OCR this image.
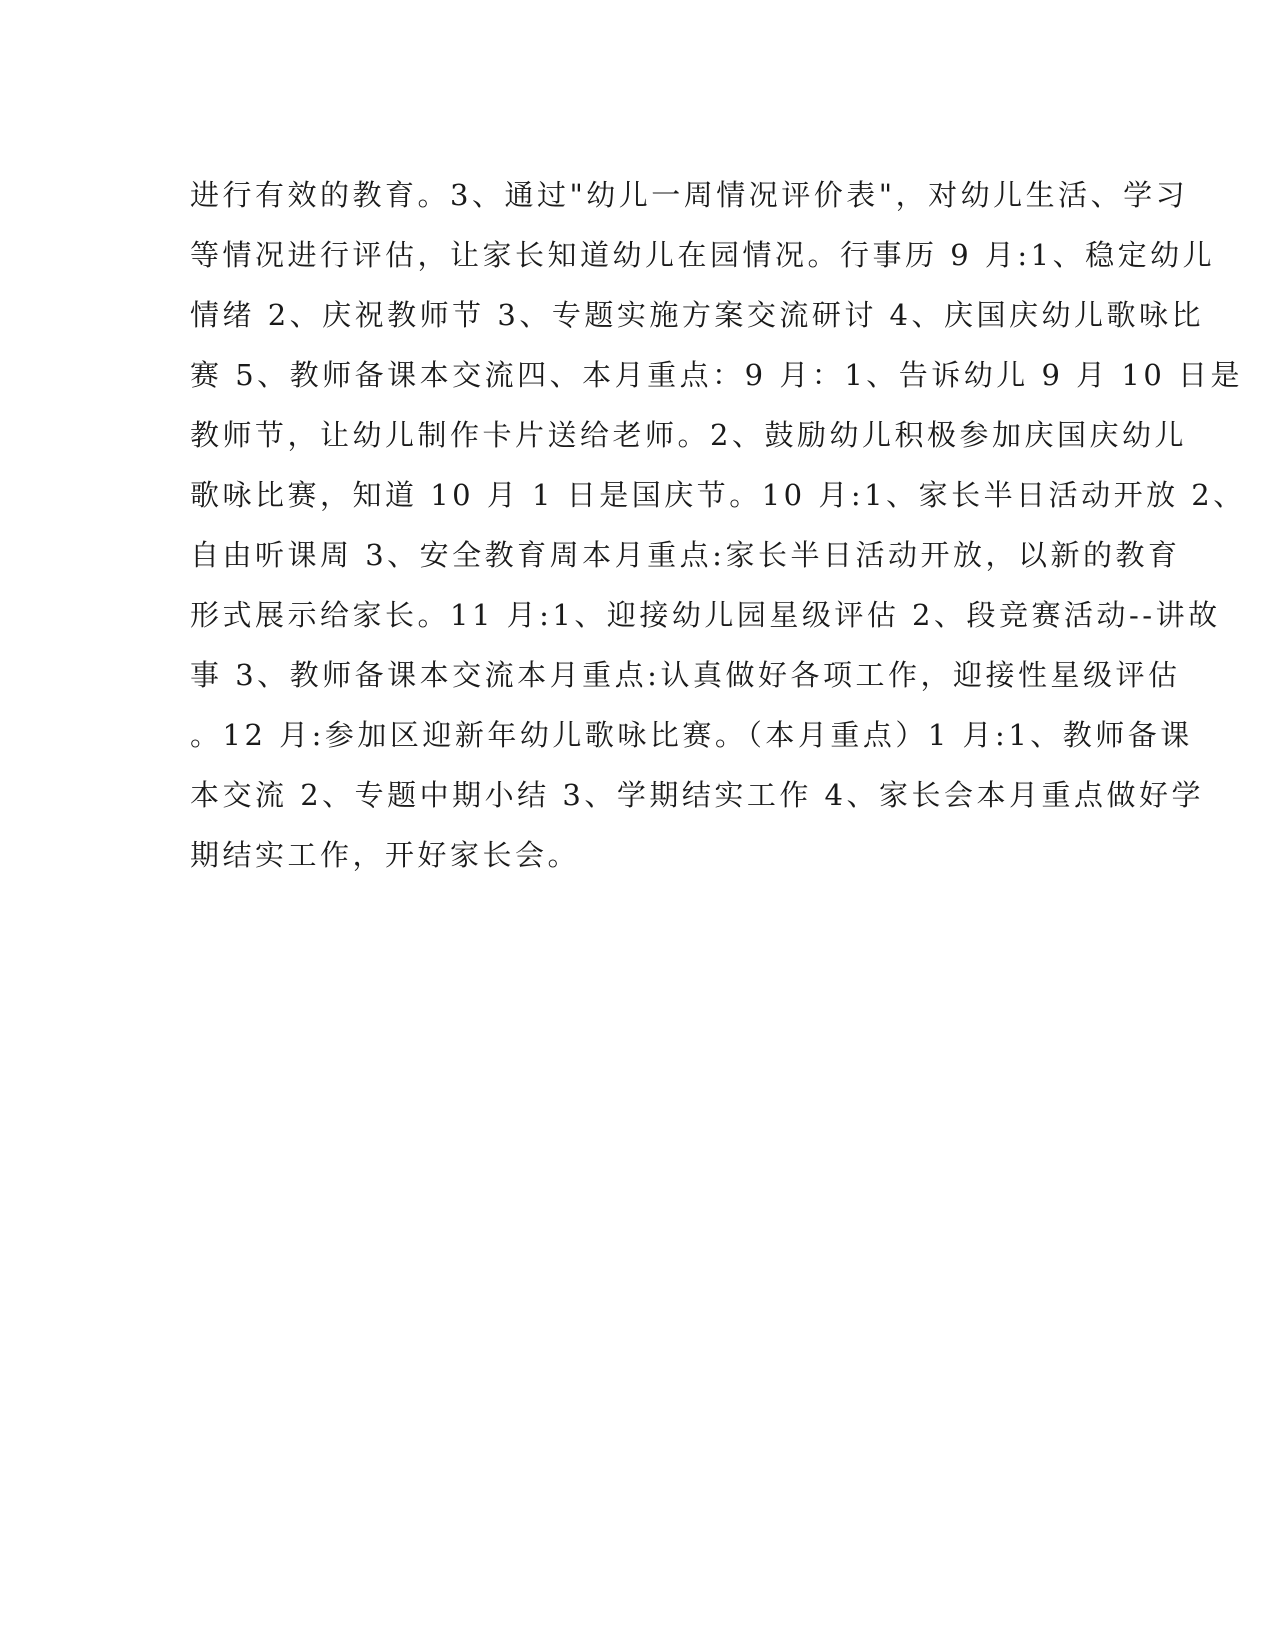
进行有效的教育。3、通过"幼儿一周情况评价表"，对幼儿生活、学习
等情况进行评估，让家长知道幼儿在园情况。行事历 9 月:1、稳定幼儿
情绪 2、庆祝教师节 3、专题实施方案交流研讨 4、庆国庆幼儿歌咏比
赛 5、教师备课本交流四、本月重点：9 月：1、告诉幼儿 9 月 10 日是
教师节，让幼儿制作卡片送给老师。2、鼓励幼儿积极参加庆国庆幼儿
歌咏比赛，知道 10 月 1 日是国庆节。10 月:1、家长半日活动开放 2、
自由听课周 3、安全教育周本月重点:家长半日活动开放，以新的教育
形式展示给家长。11 月:1、迎接幼儿园星级评估 2、段竞赛活动--讲故
事 3、教师备课本交流本月重点:认真做好各项工作，迎接性星级评估
。12 月:参加区迎新年幼儿歌咏比赛。（本月重点）1 月:1、教师备课
本交流 2、专题中期小结 3、学期结实工作 4、家长会本月重点做好学
期结实工作，开好家长会。
